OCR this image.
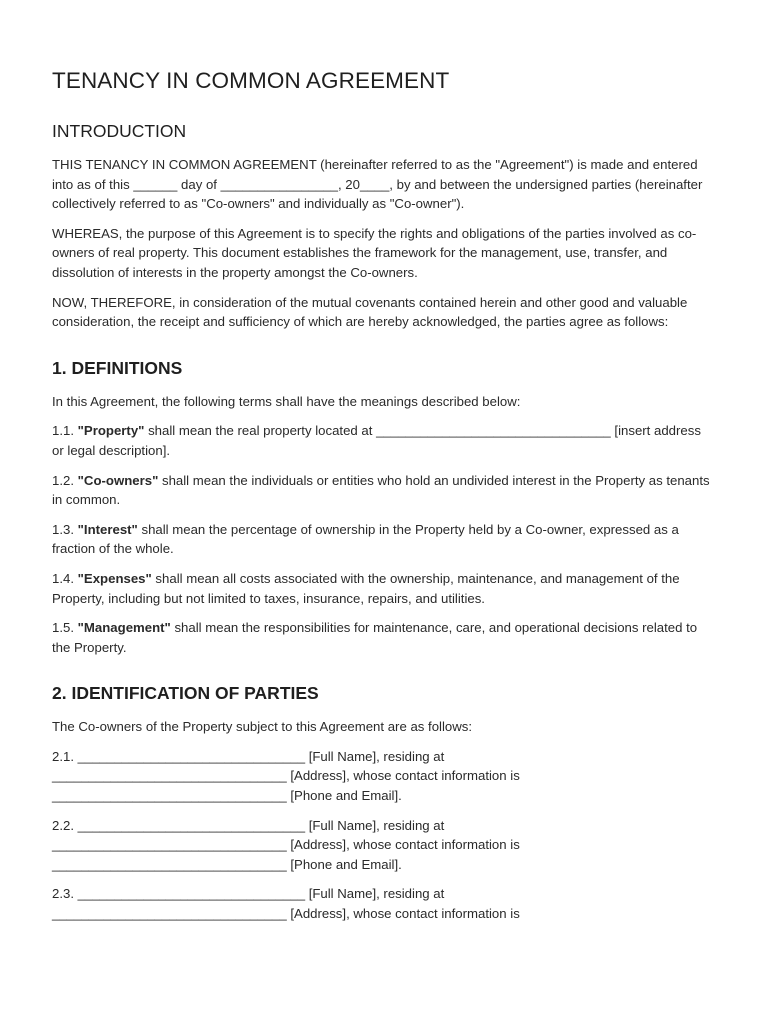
TENANCY IN COMMON AGREEMENT
INTRODUCTION

THIS TENANCY IN COMMON AGREEMENT (hereinafter referred to as the "Agreement") is made and entered into as of this ______ day of ________________, 20____, by and between the undersigned parties (hereinafter collectively referred to as "Co-owners" and individually as "Co-owner").

WHEREAS, the purpose of this Agreement is to specify the rights and obligations of the parties involved as co-owners of real property. This document establishes the framework for the management, use, transfer, and dissolution of interests in the property amongst the Co-owners.

NOW, THEREFORE, in consideration of the mutual covenants contained herein and other good and valuable consideration, the receipt and sufficiency of which are hereby acknowledged, the parties agree as follows:

1. DEFINITIONS

In this Agreement, the following terms shall have the meanings described below:

1.1. "Property" shall mean the real property located at ________________________________ [insert address or legal description].

1.2. "Co-owners" shall mean the individuals or entities who hold an undivided interest in the Property as tenants in common.

1.3. "Interest" shall mean the percentage of ownership in the Property held by a Co-owner, expressed as a fraction of the whole.

1.4. "Expenses" shall mean all costs associated with the ownership, maintenance, and management of the Property, including but not limited to taxes, insurance, repairs, and utilities.

1.5. "Management" shall mean the responsibilities for maintenance, care, and operational decisions related to the Property.

2. IDENTIFICATION OF PARTIES

The Co-owners of the Property subject to this Agreement are as follows:

2.1. _______________________________ [Full Name], residing at
________________________________ [Address], whose contact information is
________________________________ [Phone and Email].

2.2. _______________________________ [Full Name], residing at
________________________________ [Address], whose contact information is
________________________________ [Phone and Email].

2.3. _______________________________ [Full Name], residing at
________________________________ [Address], whose contact information is
